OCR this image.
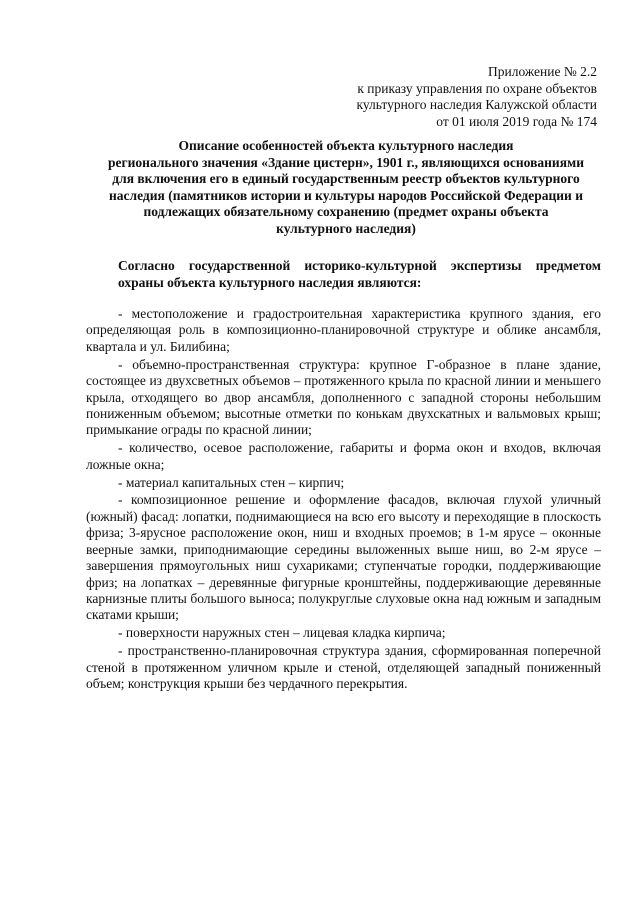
Приложение № 2.2
к приказу управления по охране объектов
культурного наследия Калужской области
от 01 июля 2019 года № 174
Описание особенностей объекта культурного наследия
регионального значения «Здание цистерн», 1901 г., являющихся основаниями
для включения его в единый государственным реестр объектов культурного
наследия (памятников истории и культуры народов Российской Федерации и
подлежащих обязательному сохранению (предмет охраны объекта
культурного наследия)
Согласно государственной историко-культурной экспертизы предметом охраны объекта культурного наследия являются:

- местоположение и градостроительная характеристика крупного здания, его определяющая роль в композиционно-планировочной структуре и облике ансамбля, квартала и ул. Билибина;

- объемно-пространственная структура: крупное Г-образное в плане здание, состоящее из двухсветных объемов – протяженного крыла по красной линии и меньшего крыла, отходящего во двор ансамбля, дополненного с западной стороны небольшим пониженным объемом; высотные отметки по конькам двухскатных и вальмовых крыш; примыкание ограды по красной линии;

- количество, осевое расположение, габариты и форма окон и входов, включая ложные окна;

- материал капитальных стен – кирпич;

- композиционное решение и оформление фасадов, включая глухой уличный (южный) фасад: лопатки, поднимающиеся на всю его высоту и переходящие в плоскость фриза; 3-ярусное расположение окон, ниш и входных проемов; в 1-м ярусе – оконные веерные замки, приподнимающие середины выложенных выше ниш, во 2-м ярусе – завершения прямоугольных ниш сухариками; ступенчатые городки, поддерживающие фриз; на лопатках – деревянные фигурные кронштейны, поддерживающие деревянные карнизные плиты большого выноса; полукруглые слуховые окна над южным и западным скатами крыши;

- поверхности наружных стен – лицевая кладка кирпича;

- пространственно-планировочная структура здания, сформированная поперечной стеной в протяженном уличном крыле и стеной, отделяющей западный пониженный объем; конструкция крыши без чердачного перекрытия.
